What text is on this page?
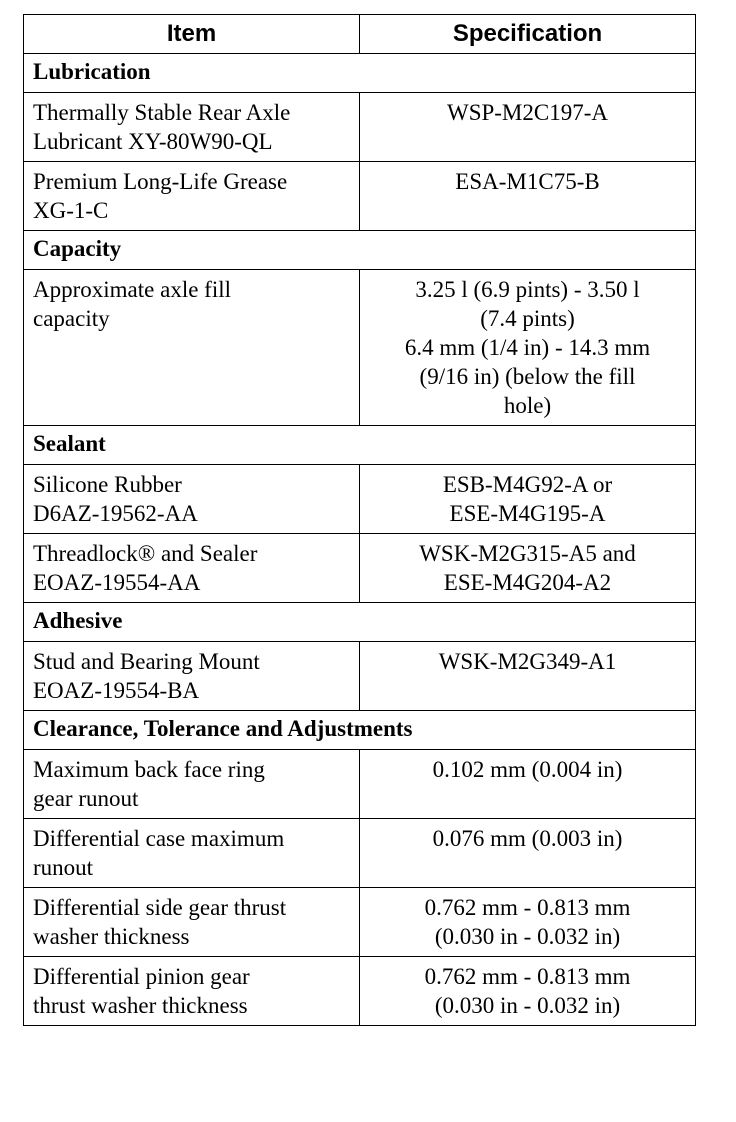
Item	Specification
Lubrication	

Thermally Stable Rear Axle
Lubricant XY-80W90-QL	WSP-M2C197-A

Premium Long-Life Grease
XG-1-C	ESA-M1C75-B

Capacity	

Approximate axle fill
capacity	3.25 l (6.9 pints) - 3.50 l
(7.4 pints)
6.4 mm (1/4 in) - 14.3 mm
(9/16 in) (below the fill
hole)

Sealant	

Silicone Rubber
D6AZ-19562-AA	ESB-M4G92-A or
ESE-M4G195-A

Threadlock® and Sealer
EOAZ-19554-AA	WSK-M2G315-A5 and
ESE-M4G204-A2

Adhesive	

Stud and Bearing Mount
EOAZ-19554-BA	WSK-M2G349-A1

Clearance, Tolerance and Adjustments	

Maximum back face ring
gear runout	0.102 mm (0.004 in)

Differential case maximum
runout	0.076 mm (0.003 in)

Differential side gear thrust
washer thickness	0.762 mm - 0.813 mm
(0.030 in - 0.032 in)

Differential pinion gear
thrust washer thickness	0.762 mm - 0.813 mm
(0.030 in - 0.032 in)
